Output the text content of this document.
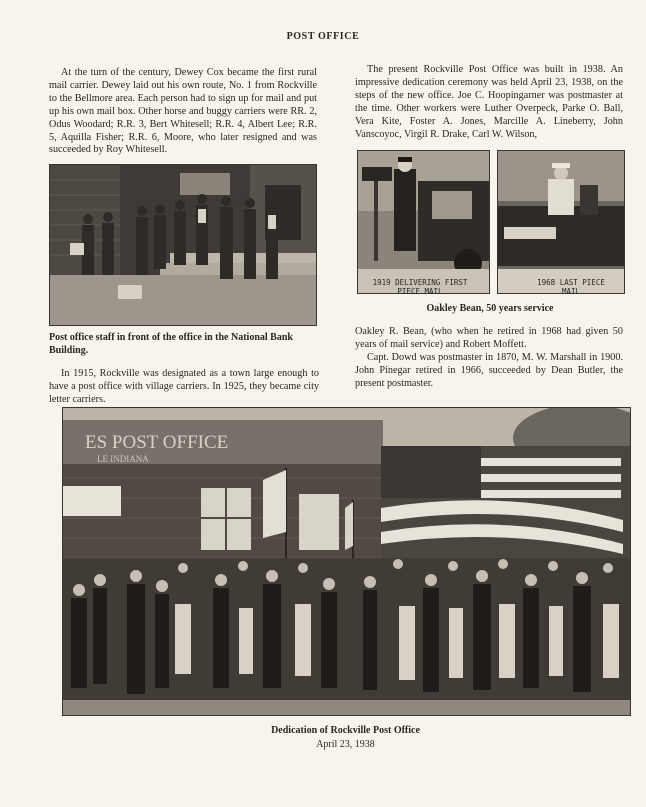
POST OFFICE

At the turn of the century, Dewey Cox became the first rural mail carrier. Dewey laid out his own route, No. 1 from Rockville to the Bellmore area. Each person had to sign up for mail and put up his own mail box. Other horse and buggy carriers were RR. 2, Odus Woodard; R.R. 3, Bert Whitesell; R.R. 4, Albert Lee; R.R. 5, Aquilla Fisher; R.R. 6, Moore, who later resigned and was succeeded by Roy Whitesell.

Post office staff in front of the office in the National Bank Building.

In 1915, Rockville was designated as a town large enough to have a post office with village carriers. In 1925, they became city letter carriers.

The present Rockville Post Office was built in 1938. An impressive dedication ceremony was held April 23, 1938, on the steps of the new office. Joe C. Hoopingarner was postmaster at the time. Other workers were Luther Overpeck, Parke O. Ball, Vera Kite, Foster A. Jones, Marcille A. Lineberry, John Vanscoyoc, Virgil R. Drake, Carl W. Wilson,

1919 DELIVERING FIRST PIECE MAIL
1968 LAST PIECE MAIL
Oakley Bean, 50 years service

Oakley R. Bean, (who when he retired in 1968 had given 50 years of mail service) and Robert Moffett.

Capt. Dowd was postmaster in 1870, M. W. Marshall in 1900. John Pinegar retired in 1966, succeeded by Dean Butler, the present postmaster.

ES POST OFFICE
LE INDIANA
Dedication of Rockville Post Office
April 23, 1938
